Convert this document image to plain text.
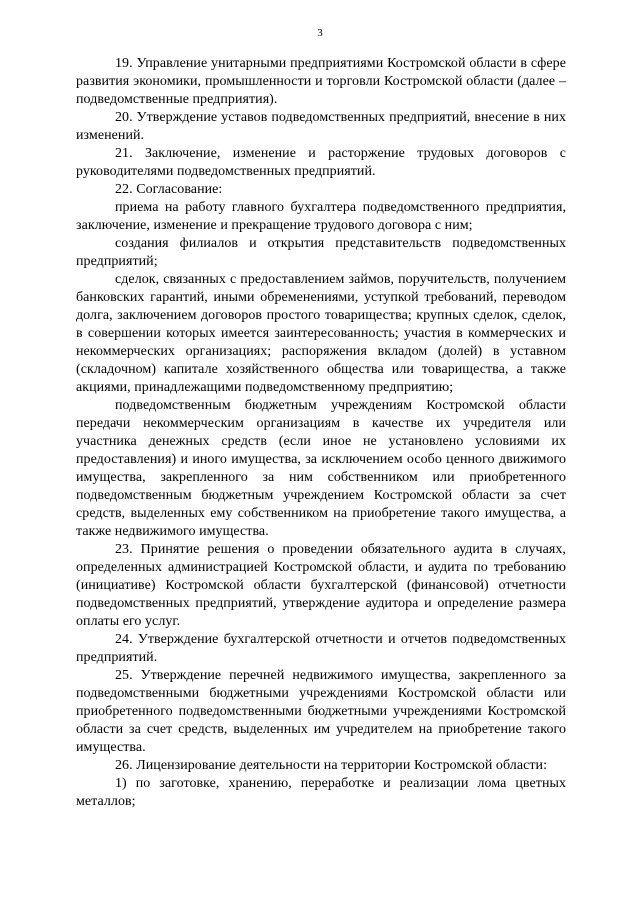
3

19. Управление унитарными предприятиями Костромской области в сфере развития экономики, промышленности и торговли Костромской области (далее – подведомственные предприятия).

20. Утверждение уставов подведомственных предприятий, внесение в них изменений.

21. Заключение, изменение и расторжение трудовых договоров с руководителями подведомственных предприятий.

22. Согласование:

приема на работу главного бухгалтера подведомственного предприятия, заключение, изменение и прекращение трудового договора с ним;

создания филиалов и открытия представительств подведомственных предприятий;

сделок, связанных с предоставлением займов, поручительств, получением банковских гарантий, иными обременениями, уступкой требований, переводом долга, заключением договоров простого товарищества; крупных сделок, сделок, в совершении которых имеется заинтересованность; участия в коммерческих и некоммерческих организациях; распоряжения вкладом (долей) в уставном (складочном) капитале хозяйственного общества или товарищества, а также акциями, принадлежащими подведомственному предприятию;

подведомственным бюджетным учреждениям Костромской области передачи некоммерческим организациям в качестве их учредителя или участника денежных средств (если иное не установлено условиями их предоставления) и иного имущества, за исключением особо ценного движимого имущества, закрепленного за ним собственником или приобретенного подведомственным бюджетным учреждением Костромской области за счет средств, выделенных ему собственником на приобретение такого имущества, а также недвижимого имущества.

23. Принятие решения о проведении обязательного аудита в случаях, определенных администрацией Костромской области, и аудита по требованию (инициативе) Костромской области бухгалтерской (финансовой) отчетности подведомственных предприятий, утверждение аудитора и определение размера оплаты его услуг.

24. Утверждение бухгалтерской отчетности и отчетов подведомственных предприятий.

25. Утверждение перечней недвижимого имущества, закрепленного за подведомственными бюджетными учреждениями Костромской области или приобретенного подведомственными бюджетными учреждениями Костромской области за счет средств, выделенных им учредителем на приобретение такого имущества.

26. Лицензирование деятельности на территории Костромской области:

1) по заготовке, хранению, переработке и реализации лома цветных металлов;
